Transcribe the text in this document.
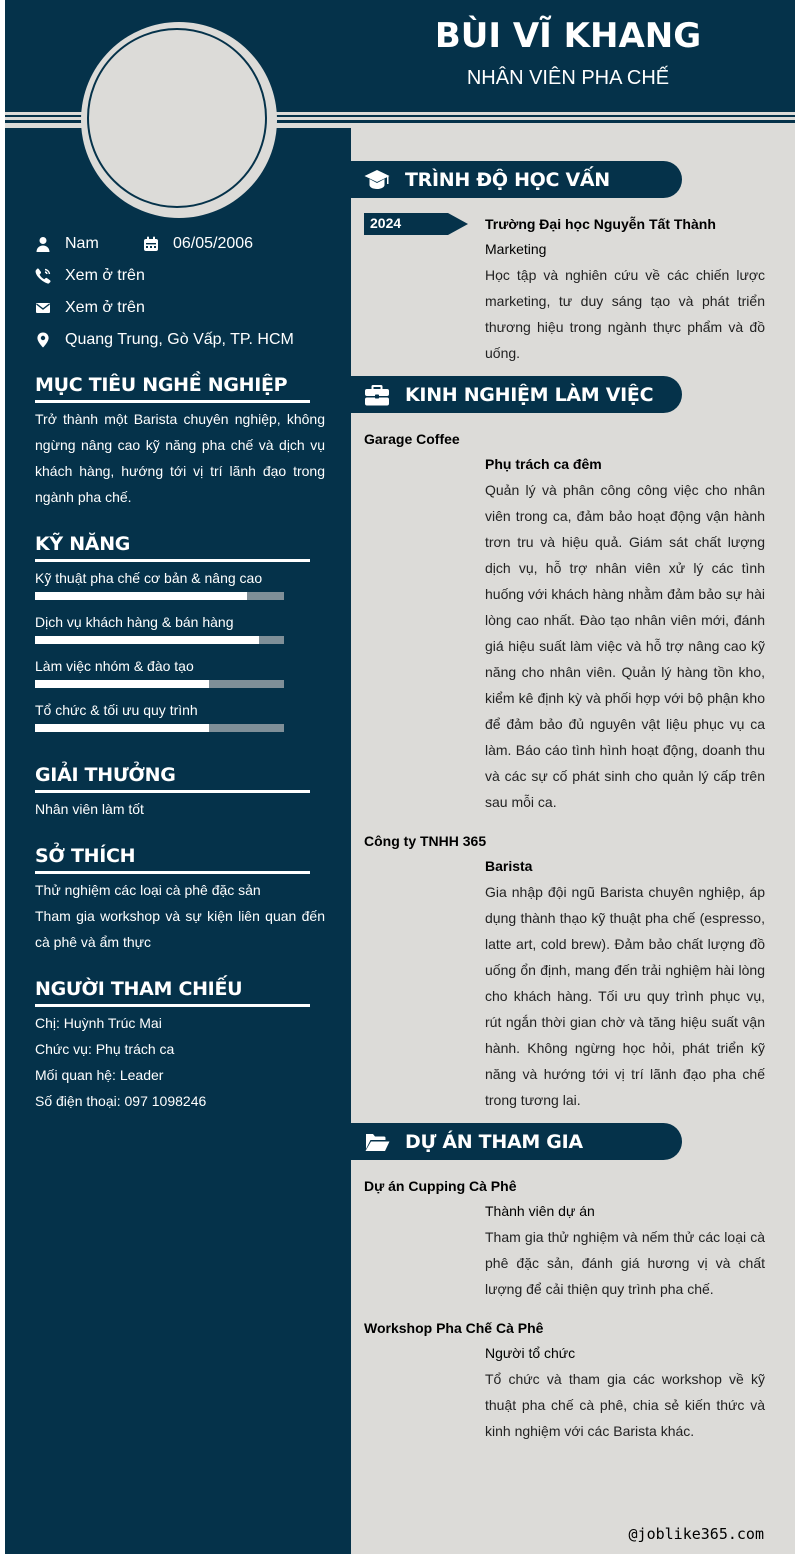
BÙI VĨ KHANG
NHÂN VIÊN PHA CHẾ
Nam	06/05/2006
Xem ở trên
Xem ở trên
Quang Trung, Gò Vấp, TP. HCM
MỤC TIÊU NGHỀ NGHIỆP
Trở thành một Barista chuyên nghiệp, không ngừng nâng cao kỹ năng pha chế và dịch vụ khách hàng, hướng tới vị trí lãnh đạo trong ngành pha chế.
KỸ NĂNG
Kỹ thuật pha chế cơ bản & nâng cao
Dịch vụ khách hàng & bán hàng
Làm việc nhóm & đào tạo
Tổ chức & tối ưu quy trình
GIẢI THƯỞNG
Nhân viên làm tốt
SỞ THÍCH
Thử nghiệm các loại cà phê đặc sản
Tham gia workshop và sự kiện liên quan đến cà phê và ẩm thực
NGƯỜI THAM CHIẾU
Chị: Huỳnh Trúc Mai
Chức vụ: Phụ trách ca
Mối quan hệ: Leader
Số điện thoại: 097 1098246
TRÌNH ĐỘ HỌC VẤN
2024	Trường Đại học Nguyễn Tất Thành
Marketing
Học tập và nghiên cứu về các chiến lược marketing, tư duy sáng tạo và phát triển thương hiệu trong ngành thực phẩm và đồ uống.
KINH NGHIỆM LÀM VIỆC
Garage Coffee
Phụ trách ca đêm
Quản lý và phân công công việc cho nhân viên trong ca, đảm bảo hoạt động vận hành trơn tru và hiệu quả. Giám sát chất lượng dịch vụ, hỗ trợ nhân viên xử lý các tình huống với khách hàng nhằm đảm bảo sự hài lòng cao nhất. Đào tạo nhân viên mới, đánh giá hiệu suất làm việc và hỗ trợ nâng cao kỹ năng cho nhân viên. Quản lý hàng tồn kho, kiểm kê định kỳ và phối hợp với bộ phận kho để đảm bảo đủ nguyên vật liệu phục vụ ca làm. Báo cáo tình hình hoạt động, doanh thu và các sự cố phát sinh cho quản lý cấp trên sau mỗi ca.
Công ty TNHH 365
Barista
Gia nhập đội ngũ Barista chuyên nghiệp, áp dụng thành thạo kỹ thuật pha chế (espresso, latte art, cold brew). Đảm bảo chất lượng đồ uống ổn định, mang đến trải nghiệm hài lòng cho khách hàng. Tối ưu quy trình phục vụ, rút ngắn thời gian chờ và tăng hiệu suất vận hành. Không ngừng học hỏi, phát triển kỹ năng và hướng tới vị trí lãnh đạo pha chế trong tương lai.
DỰ ÁN THAM GIA
Dự án Cupping Cà Phê
Thành viên dự án
Tham gia thử nghiệm và nếm thử các loại cà phê đặc sản, đánh giá hương vị và chất lượng để cải thiện quy trình pha chế.
Workshop Pha Chế Cà Phê
Người tổ chức
Tổ chức và tham gia các workshop về kỹ thuật pha chế cà phê, chia sẻ kiến thức và kinh nghiệm với các Barista khác.
@joblike365.com
